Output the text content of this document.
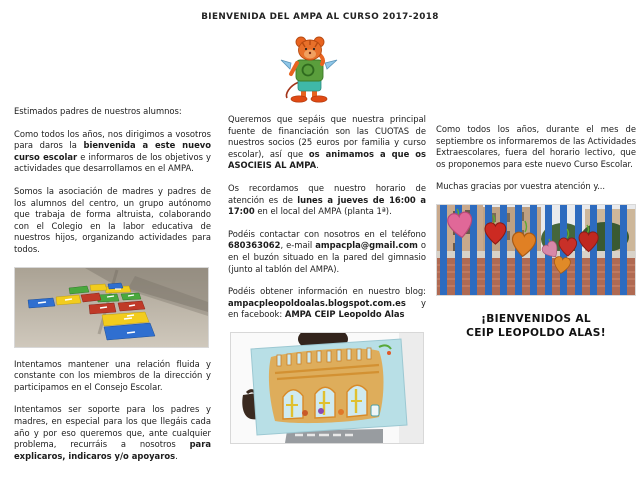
BIENVENIDA DEL AMPA AL CURSO 2017-2018

Estimados padres de nuestros alumnos:

Como todos los años, nos dirigimos a vosotros para daros la bienvenida a este nuevo curso escolar e informaros de los objetivos y actividades que desarrollamos en el AMPA.

Somos la asociación de madres y padres de los alumnos del centro, un grupo autónomo que trabaja de forma altruista, colaborando con el Colegio en la labor educativa de nuestros hijos, organizando actividades para todos.

Intentamos mantener una relación fluida y constante con los miembros de la dirección y participamos en el Consejo Escolar.

Intentamos ser soporte para los padres y madres, en especial para los que llegáis cada año y por eso queremos que, ante cualquier problema, recurráis a nosotros para explicaros, indicaros y/o apoyaros.

Queremos que sepáis que nuestra principal fuente de financiación son las CUOTAS de nuestros socios (25 euros por familia y curso escolar), así que os animamos a que os ASOCIEIS AL AMPA.

Os recordamos que nuestro horario de atención es de lunes a jueves de 16:00 a 17:00 en el local del AMPA (planta 1ª).

Podéis contactar con nosotros en el teléfono 680363062, e-mail ampacpla@gmail.com o en el buzón situado en la pared del gimnasio (junto al tablón del AMPA).

Podéis obtener información en nuestro blog: ampacpleopoldoalas.blogspot.com.es y en facebook: AMPA CEIP Leopoldo Alas

Como todos los años, durante el mes de septiembre os informaremos de las Actividades Extraescolares, fuera del horario lectivo, que os proponemos para este nuevo Curso Escolar.

Muchas gracias por vuestra atención y...

¡BIENVENIDOS AL
CEIP LEOPOLDO ALAS!
